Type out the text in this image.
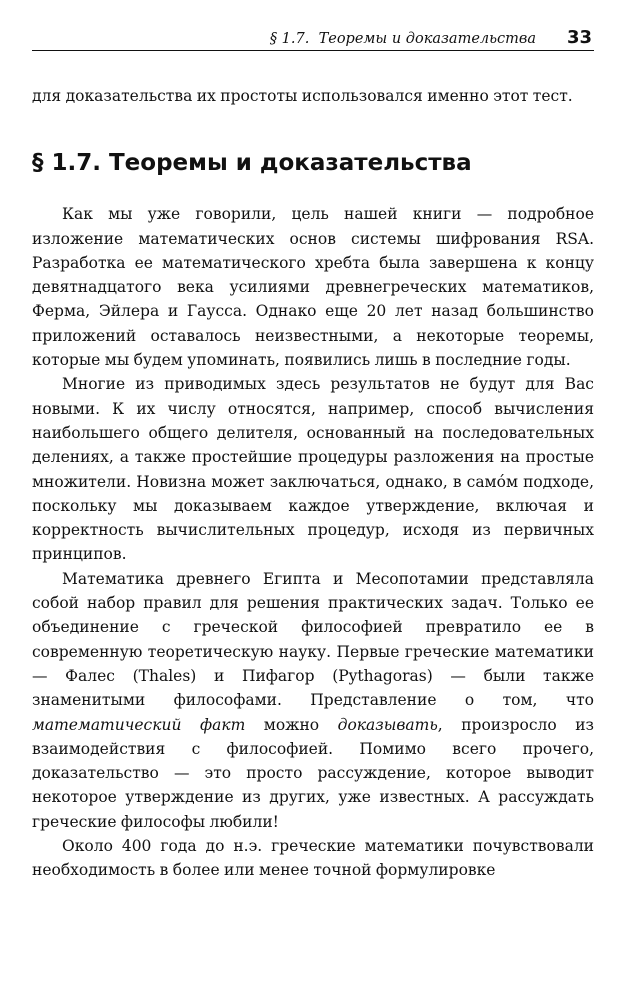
§ 1.7. Теоремы и доказательства 33

для доказательства их простоты использовался именно этот тест.

§ 1.7. Теоремы и доказательства

Как мы уже говорили, цель нашей книги — подробное изложение математических основ системы шифрования RSA. Разработка ее математического хребта была завершена к концу девятнадцатого века усилиями древнегреческих математиков, Ферма, Эйлера и Гаусса. Однако еще 20 лет назад большинство приложений оставалось неизвестными, а некоторые теоремы, которые мы будем упоминать, появились лишь в последние годы.

Многие из приводимых здесь результатов не будут для Вас новыми. К их числу относятся, например, способ вычисления наибольшего общего делителя, основанный на последовательных делениях, а также простейшие процедуры разложения на простые множители. Новизна может заключаться, однако, в самóм подходе, поскольку мы доказываем каждое утверждение, включая и корректность вычислительных процедур, исходя из первичных принципов.

Математика древнего Египта и Месопотамии представляла собой набор правил для решения практических задач. Только ее объединение с греческой философией превратило ее в современную теоретическую науку. Первые греческие математики — Фалес (Thales) и Пифагор (Pythagoras) — были также знаменитыми философами. Представление о том, что математический факт можно доказывать, произросло из взаимодействия с философией. Помимо всего прочего, доказательство — это просто рассуждение, которое выводит некоторое утверждение из других, уже известных. А рассуждать греческие философы любили!

Около 400 года до н.э. греческие математики почувствовали необходимость в более или менее точной формулировке
